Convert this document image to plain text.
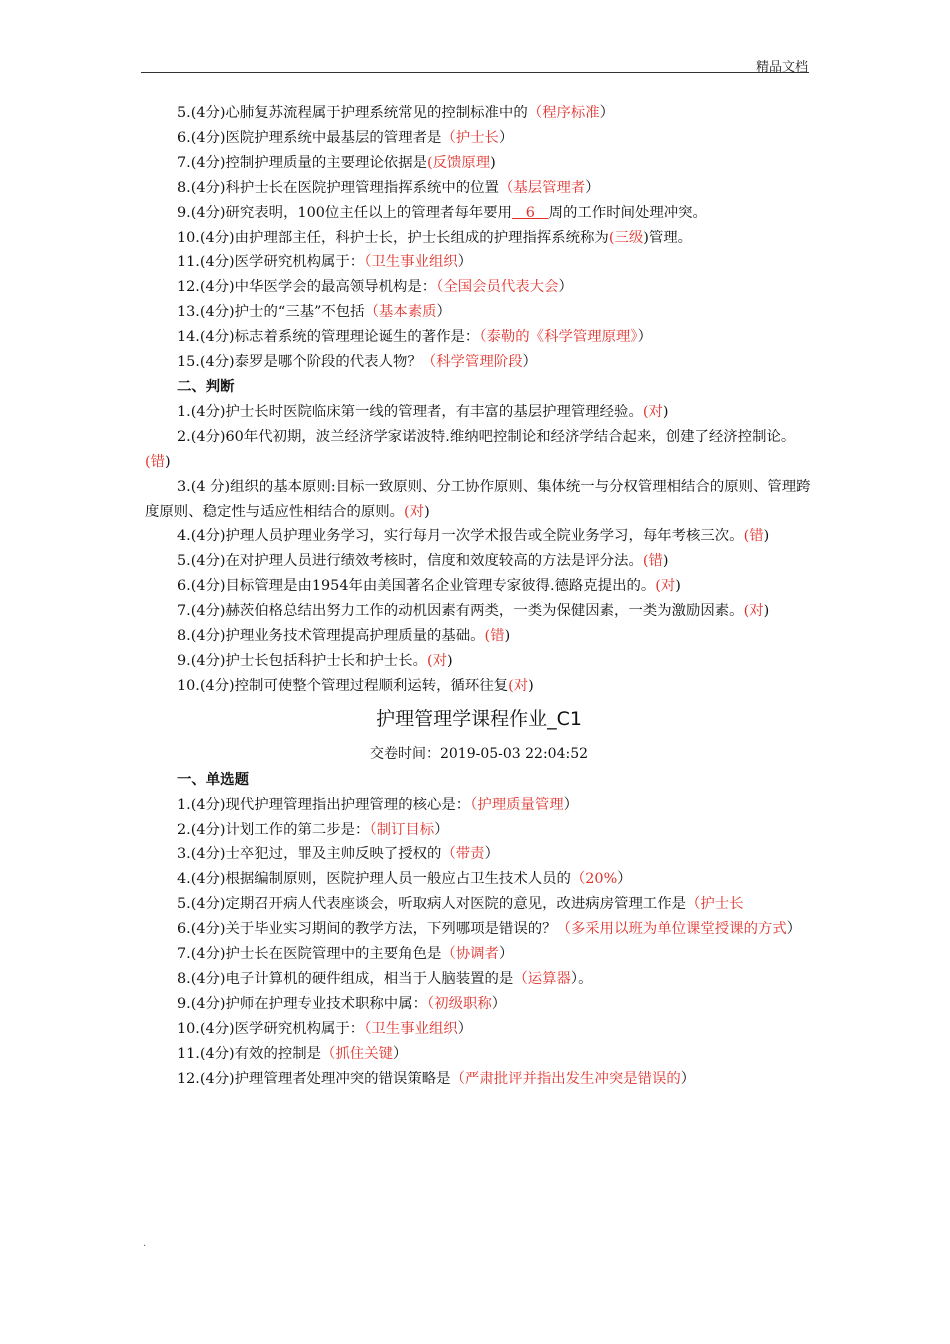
精品文档
5.(4分)心肺复苏流程属于护理系统常见的控制标准中的（程序标准）
6.(4分)医院护理系统中最基层的管理者是（护士长）
7.(4分)控制护理质量的主要理论依据是(反馈原理)
8.(4分)科护士长在医院护理管理指挥系统中的位置（基层管理者）
9.(4分)研究表明，100位主任以上的管理者每年要用   6   周的工作时间处理冲突。
10.(4分)由护理部主任，科护士长，护士长组成的护理指挥系统称为(三级)管理。
11.(4分)医学研究机构属于：（卫生事业组织）
12.(4分)中华医学会的最高领导机构是：（全国会员代表大会）
13.(4分)护士的“三基”不包括（基本素质）
14.(4分)标志着系统的管理理论诞生的著作是：（泰勒的《科学管理原理》）
15.(4分)泰罗是哪个阶段的代表人物？（科学管理阶段）
二、判断
1.(4分)护士长时医院临床第一线的管理者，有丰富的基层护理管理经验。(对)
2.(4分)60年代初期，波兰经济学家诺波特.维纳吧控制论和经济学结合起来，创建了经济控制论。(错)
3.(4 分)组织的基本原则:目标一致原则、分工协作原则、集体统一与分权管理相结合的原则、管理跨度原则、稳定性与适应性相结合的原则。(对)
4.(4分)护理人员护理业务学习，实行每月一次学术报告或全院业务学习，每年考核三次。(错)
5.(4分)在对护理人员进行绩效考核时，信度和效度较高的方法是评分法。(错)
6.(4分)目标管理是由1954年由美国著名企业管理专家彼得.德路克提出的。(对)
7.(4分)赫茨伯格总结出努力工作的动机因素有两类，一类为保健因素，一类为激励因素。(对)
8.(4分)护理业务技术管理提高护理质量的基础。(错)
9.(4分)护士长包括科护士长和护士长。(对)
10.(4分)控制可使整个管理过程顺利运转，循环往复(对)
护理管理学课程作业_C1
交卷时间：2019-05-03 22:04:52
一、单选题
1.(4分)现代护理管理指出护理管理的核心是：（护理质量管理）
2.(4分)计划工作的第二步是：（制订目标）
3.(4分)士卒犯过，罪及主帅反映了授权的（带责）
4.(4分)根据编制原则，医院护理人员一般应占卫生技术人员的（20%）
5.(4分)定期召开病人代表座谈会，听取病人对医院的意见，改进病房管理工作是（护士长
6.(4分)关于毕业实习期间的教学方法，下列哪项是错误的？（多采用以班为单位课堂授课的方式）
7.(4分)护士长在医院管理中的主要角色是（协调者）
8.(4分)电子计算机的硬件组成，相当于人脑装置的是（运算器）。
9.(4分)护师在护理专业技术职称中属：（初级职称）
10.(4分)医学研究机构属于：（卫生事业组织）
11.(4分)有效的控制是（抓住关键）
12.(4分)护理管理者处理冲突的错误策略是（严肃批评并指出发生冲突是错误的）
.
